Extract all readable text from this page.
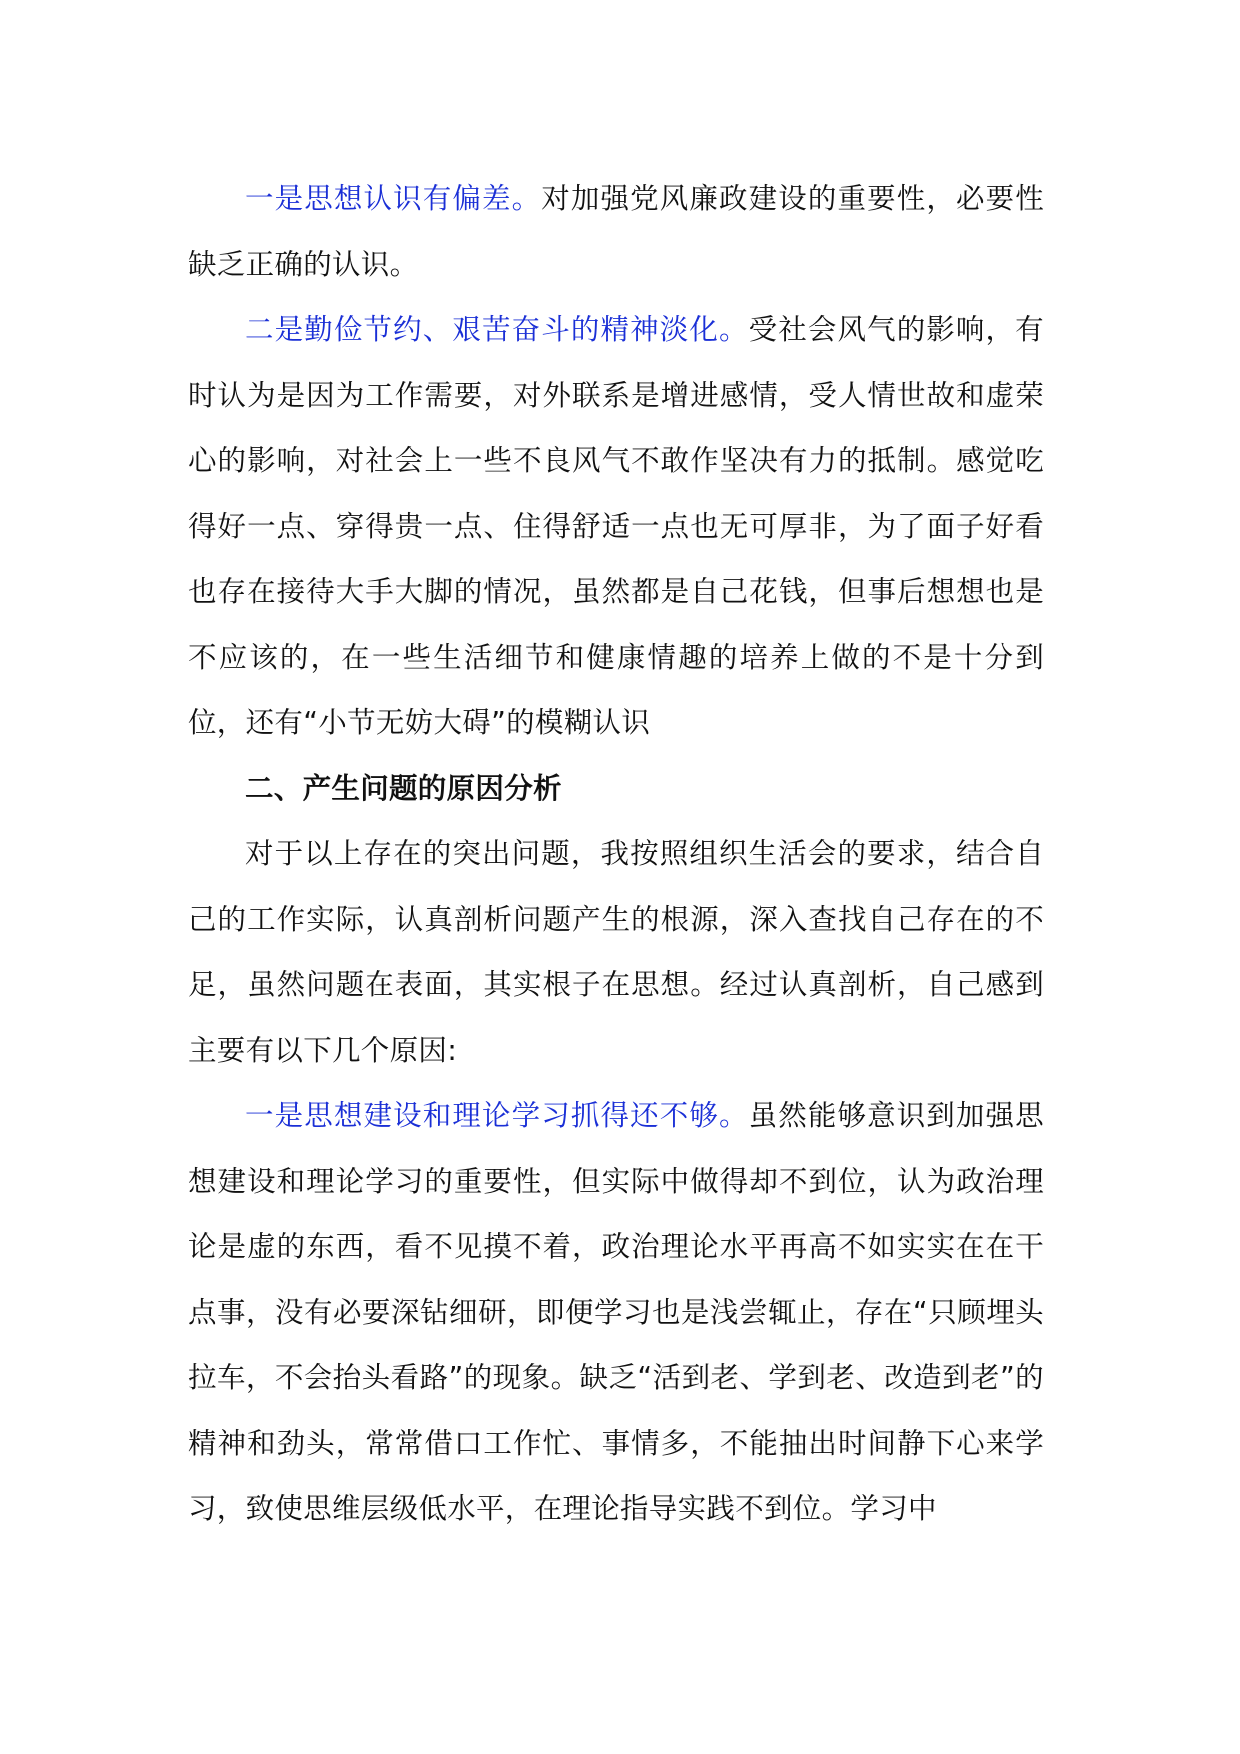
一是思想认识有偏差。对加强党风廉政建设的重要性，必要性缺乏正确的认识。

二是勤俭节约、艰苦奋斗的精神淡化。受社会风气的影响，有时认为是因为工作需要，对外联系是增进感情，受人情世故和虚荣心的影响，对社会上一些不良风气不敢作坚决有力的抵制。感觉吃得好一点、穿得贵一点、住得舒适一点也无可厚非，为了面子好看也存在接待大手大脚的情况，虽然都是自己花钱，但事后想想也是不应该的，在一些生活细节和健康情趣的培养上做的不是十分到位，还有“小节无妨大碍”的模糊认识

二、产生问题的原因分析

对于以上存在的突出问题，我按照组织生活会的要求，结合自己的工作实际，认真剖析问题产生的根源，深入查找自己存在的不足，虽然问题在表面，其实根子在思想。经过认真剖析，自己感到主要有以下几个原因:

一是思想建设和理论学习抓得还不够。虽然能够意识到加强思想建设和理论学习的重要性，但实际中做得却不到位，认为政治理论是虚的东西，看不见摸不着，政治理论水平再高不如实实在在干点事，没有必要深钻细研，即便学习也是浅尝辄止，存在“只顾埋头拉车，不会抬头看路”的现象。缺乏“活到老、学到老、改造到老”的精神和劲头，常常借口工作忙、事情多，不能抽出时间静下心来学习，致使思维层级低水平，在理论指导实践不到位。学习中
